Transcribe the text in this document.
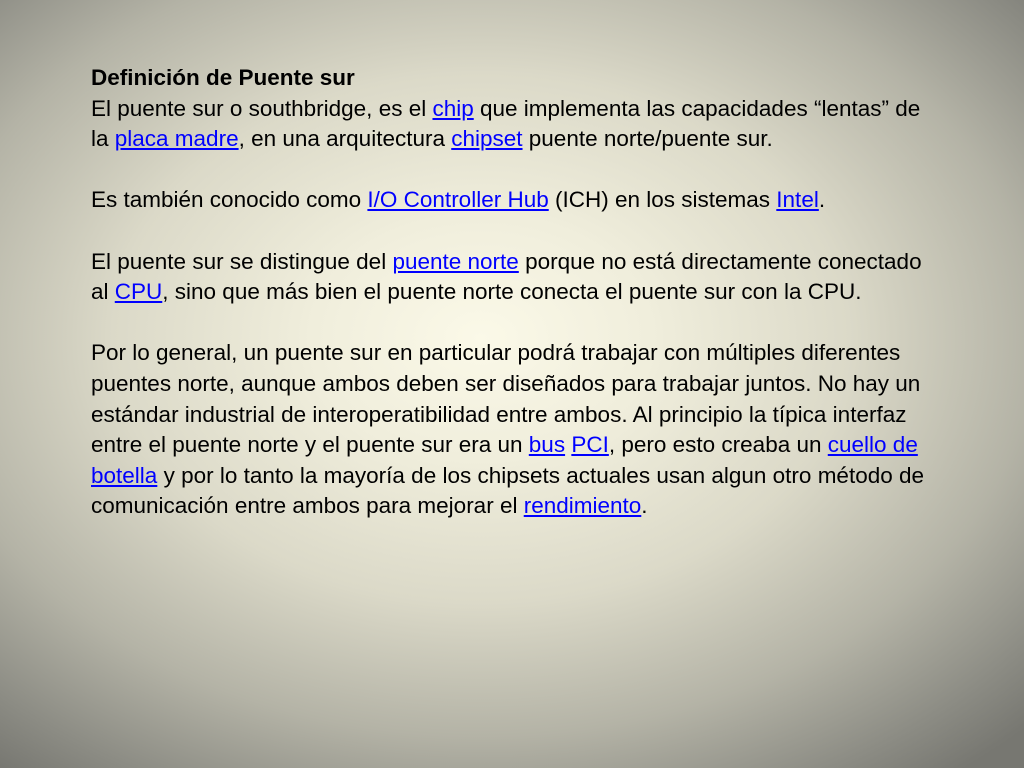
Definición de Puente sur

El puente sur o southbridge, es el chip que implementa las capacidades “lentas” de la placa madre, en una arquitectura chipset puente norte/puente sur.

Es también conocido como I/O Controller Hub (ICH) en los sistemas Intel.

El puente sur se distingue del puente norte porque no está directamente conectado al CPU, sino que más bien el puente norte conecta el puente sur con la CPU.

Por lo general, un puente sur en particular podrá trabajar con múltiples diferentes puentes norte, aunque ambos deben ser diseñados para trabajar juntos. No hay un estándar industrial de interoperatibilidad entre ambos. Al principio la típica interfaz entre el puente norte y el puente sur era un bus PCI, pero esto creaba un cuello de botella y por lo tanto la mayoría de los chipsets actuales usan algun otro método de comunicación entre ambos para mejorar el rendimiento.
